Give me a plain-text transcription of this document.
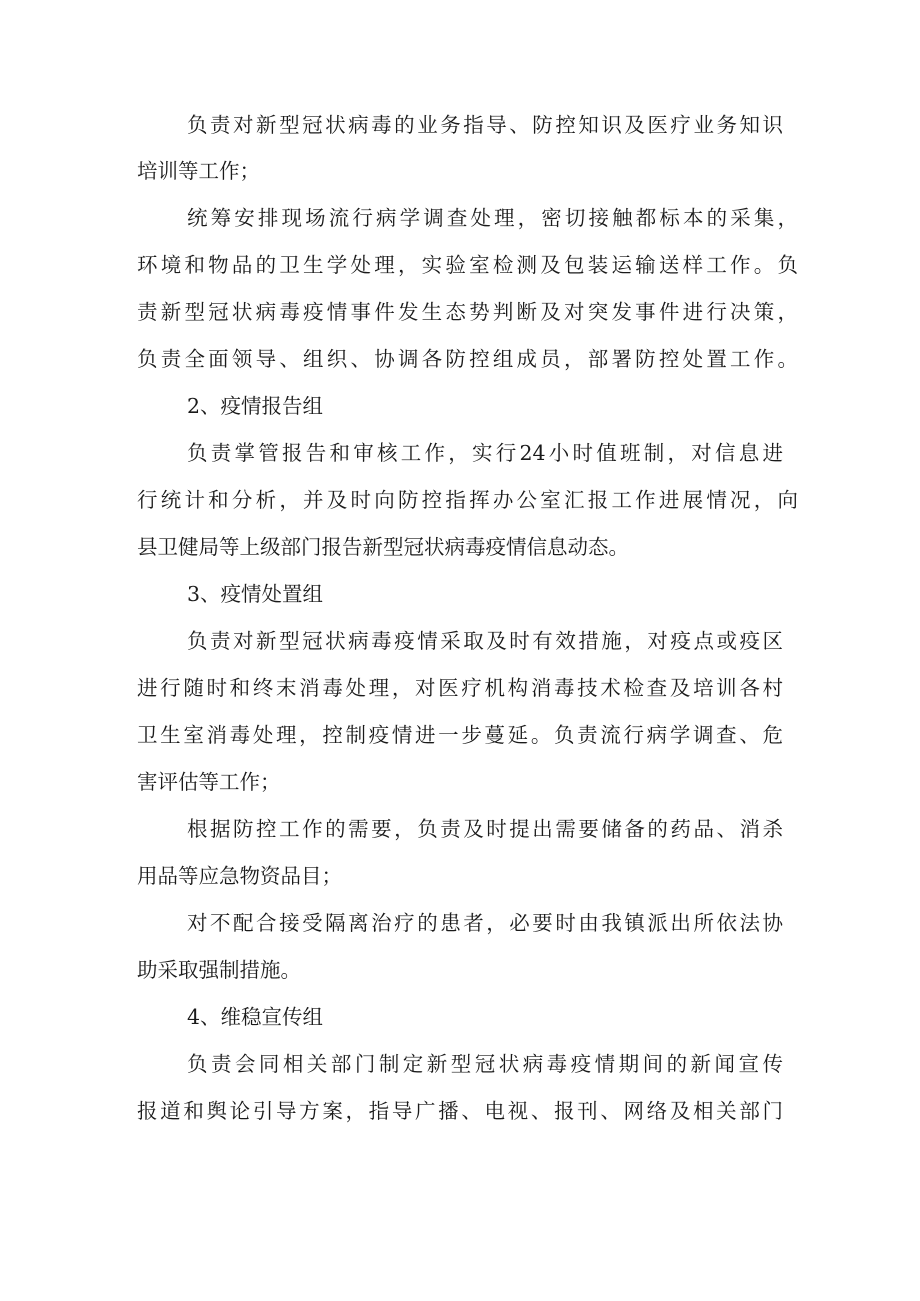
负责对新型冠状病毒的业务指导、防控知识及医疗业务知识
培训等工作；
统筹安排现场流行病学调查处理，密切接触都标本的采集，
环境和物品的卫生学处理，实验室检测及包装运输送样工作。负
责新型冠状病毒疫情事件发生态势判断及对突发事件进行决策，
负责全面领导、组织、协调各防控组成员，部署防控处置工作。
2、疫情报告组
负责掌管报告和审核工作，实行24小时值班制，对信息进
行统计和分析，并及时向防控指挥办公室汇报工作进展情况，向
县卫健局等上级部门报告新型冠状病毒疫情信息动态。
3、疫情处置组
负责对新型冠状病毒疫情采取及时有效措施，对疫点或疫区
进行随时和终末消毒处理，对医疗机构消毒技术检查及培训各村
卫生室消毒处理，控制疫情进一步蔓延。负责流行病学调查、危
害评估等工作；
根据防控工作的需要，负责及时提出需要储备的药品、消杀
用品等应急物资品目；
对不配合接受隔离治疗的患者，必要时由我镇派出所依法协
助采取强制措施。
4、维稳宣传组
负责会同相关部门制定新型冠状病毒疫情期间的新闻宣传
报道和舆论引导方案，指导广播、电视、报刊、网络及相关部门
